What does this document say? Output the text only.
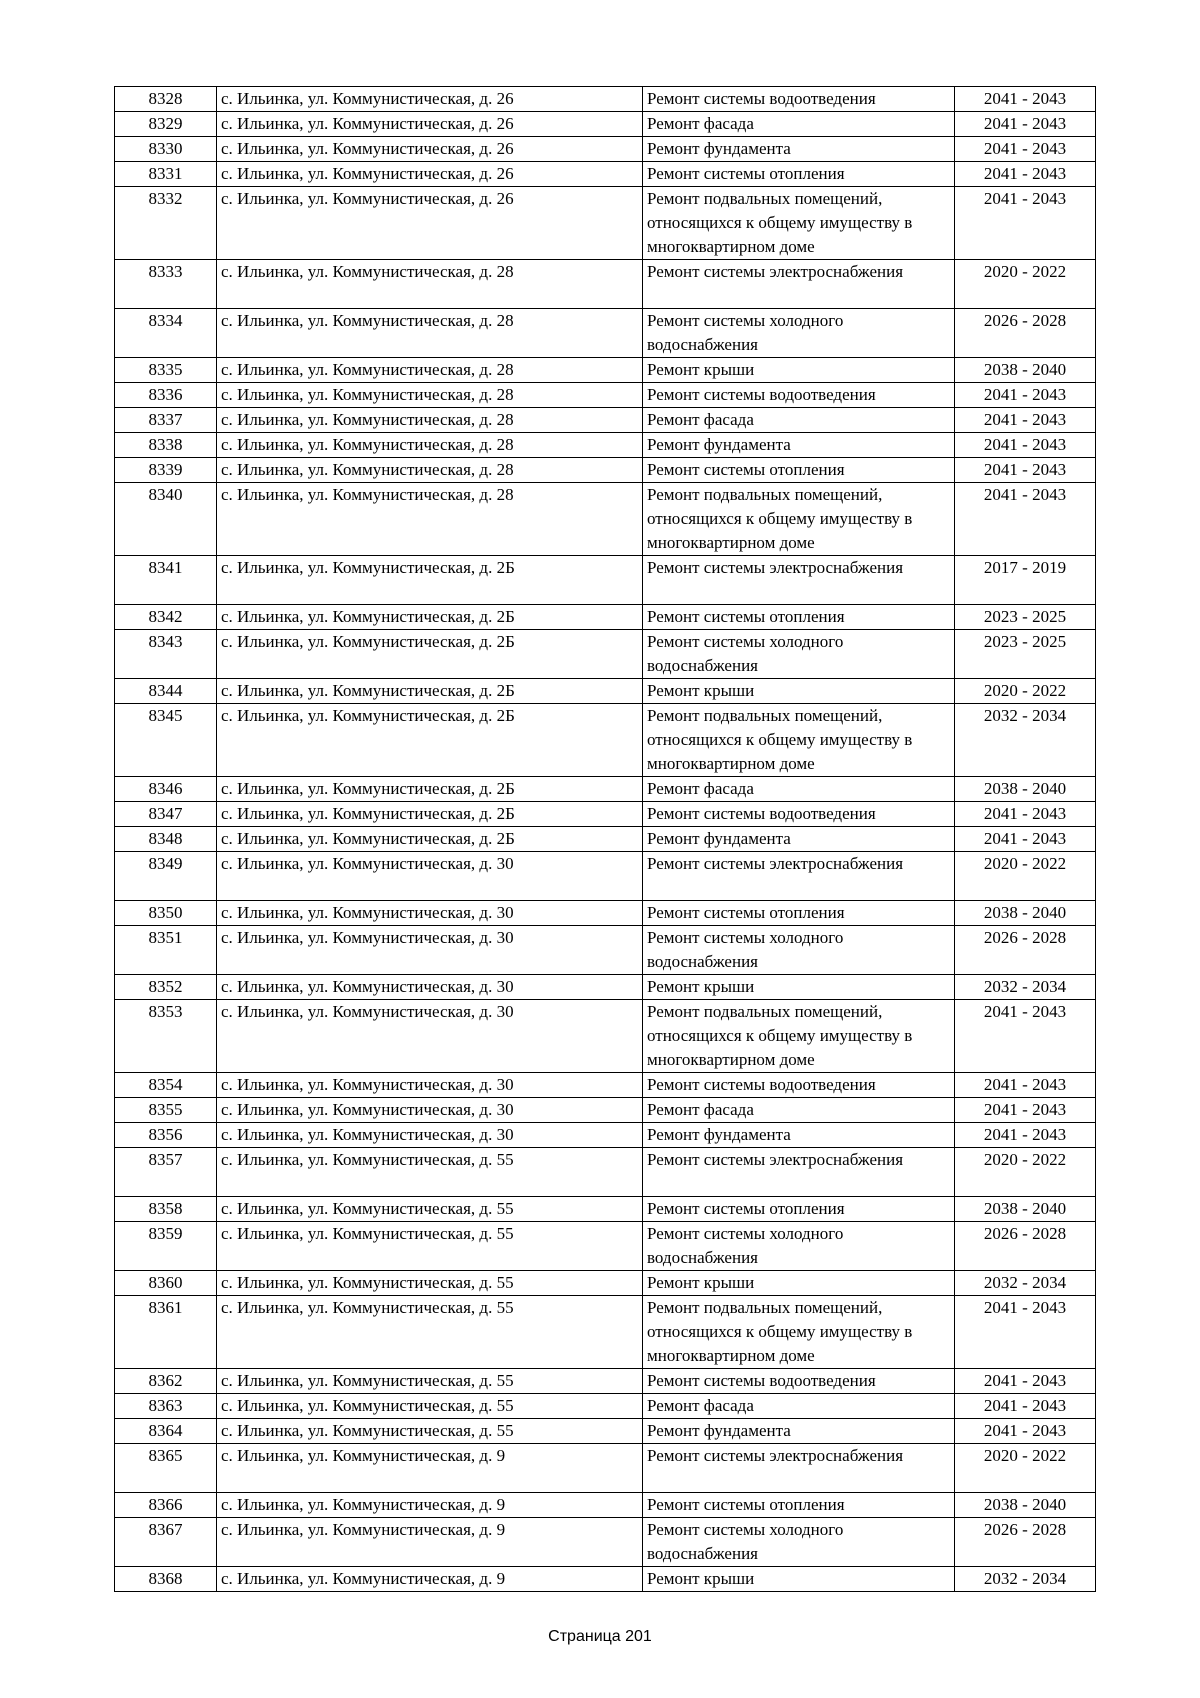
8328	с. Ильинка, ул. Коммунистическая, д. 26	Ремонт системы водоотведения	2041 - 2043
8329	с. Ильинка, ул. Коммунистическая, д. 26	Ремонт фасада	2041 - 2043
8330	с. Ильинка, ул. Коммунистическая, д. 26	Ремонт фундамента	2041 - 2043
8331	с. Ильинка, ул. Коммунистическая, д. 26	Ремонт системы отопления	2041 - 2043
8332	с. Ильинка, ул. Коммунистическая, д. 26	Ремонт подвальных помещений, относящихся к общему имуществу в многоквартирном доме	2041 - 2043
8333	с. Ильинка, ул. Коммунистическая, д. 28	Ремонт системы электроснабжения	2020 - 2022
8334	с. Ильинка, ул. Коммунистическая, д. 28	Ремонт системы холодного водоснабжения	2026 - 2028
8335	с. Ильинка, ул. Коммунистическая, д. 28	Ремонт крыши	2038 - 2040
8336	с. Ильинка, ул. Коммунистическая, д. 28	Ремонт системы водоотведения	2041 - 2043
8337	с. Ильинка, ул. Коммунистическая, д. 28	Ремонт фасада	2041 - 2043
8338	с. Ильинка, ул. Коммунистическая, д. 28	Ремонт фундамента	2041 - 2043
8339	с. Ильинка, ул. Коммунистическая, д. 28	Ремонт системы отопления	2041 - 2043
8340	с. Ильинка, ул. Коммунистическая, д. 28	Ремонт подвальных помещений, относящихся к общему имуществу в многоквартирном доме	2041 - 2043
8341	с. Ильинка, ул. Коммунистическая, д. 2Б	Ремонт системы электроснабжения	2017 - 2019
8342	с. Ильинка, ул. Коммунистическая, д. 2Б	Ремонт системы отопления	2023 - 2025
8343	с. Ильинка, ул. Коммунистическая, д. 2Б	Ремонт системы холодного водоснабжения	2023 - 2025
8344	с. Ильинка, ул. Коммунистическая, д. 2Б	Ремонт крыши	2020 - 2022
8345	с. Ильинка, ул. Коммунистическая, д. 2Б	Ремонт подвальных помещений, относящихся к общему имуществу в многоквартирном доме	2032 - 2034
8346	с. Ильинка, ул. Коммунистическая, д. 2Б	Ремонт фасада	2038 - 2040
8347	с. Ильинка, ул. Коммунистическая, д. 2Б	Ремонт системы водоотведения	2041 - 2043
8348	с. Ильинка, ул. Коммунистическая, д. 2Б	Ремонт фундамента	2041 - 2043
8349	с. Ильинка, ул. Коммунистическая, д. 30	Ремонт системы электроснабжения	2020 - 2022
8350	с. Ильинка, ул. Коммунистическая, д. 30	Ремонт системы отопления	2038 - 2040
8351	с. Ильинка, ул. Коммунистическая, д. 30	Ремонт системы холодного водоснабжения	2026 - 2028
8352	с. Ильинка, ул. Коммунистическая, д. 30	Ремонт крыши	2032 - 2034
8353	с. Ильинка, ул. Коммунистическая, д. 30	Ремонт подвальных помещений, относящихся к общему имуществу в многоквартирном доме	2041 - 2043
8354	с. Ильинка, ул. Коммунистическая, д. 30	Ремонт системы водоотведения	2041 - 2043
8355	с. Ильинка, ул. Коммунистическая, д. 30	Ремонт фасада	2041 - 2043
8356	с. Ильинка, ул. Коммунистическая, д. 30	Ремонт фундамента	2041 - 2043
8357	с. Ильинка, ул. Коммунистическая, д. 55	Ремонт системы электроснабжения	2020 - 2022
8358	с. Ильинка, ул. Коммунистическая, д. 55	Ремонт системы отопления	2038 - 2040
8359	с. Ильинка, ул. Коммунистическая, д. 55	Ремонт системы холодного водоснабжения	2026 - 2028
8360	с. Ильинка, ул. Коммунистическая, д. 55	Ремонт крыши	2032 - 2034
8361	с. Ильинка, ул. Коммунистическая, д. 55	Ремонт подвальных помещений, относящихся к общему имуществу в многоквартирном доме	2041 - 2043
8362	с. Ильинка, ул. Коммунистическая, д. 55	Ремонт системы водоотведения	2041 - 2043
8363	с. Ильинка, ул. Коммунистическая, д. 55	Ремонт фасада	2041 - 2043
8364	с. Ильинка, ул. Коммунистическая, д. 55	Ремонт фундамента	2041 - 2043
8365	с. Ильинка, ул. Коммунистическая, д. 9	Ремонт системы электроснабжения	2020 - 2022
8366	с. Ильинка, ул. Коммунистическая, д. 9	Ремонт системы отопления	2038 - 2040
8367	с. Ильинка, ул. Коммунистическая, д. 9	Ремонт системы холодного водоснабжения	2026 - 2028
8368	с. Ильинка, ул. Коммунистическая, д. 9	Ремонт крыши	2032 - 2034
Страница 201
